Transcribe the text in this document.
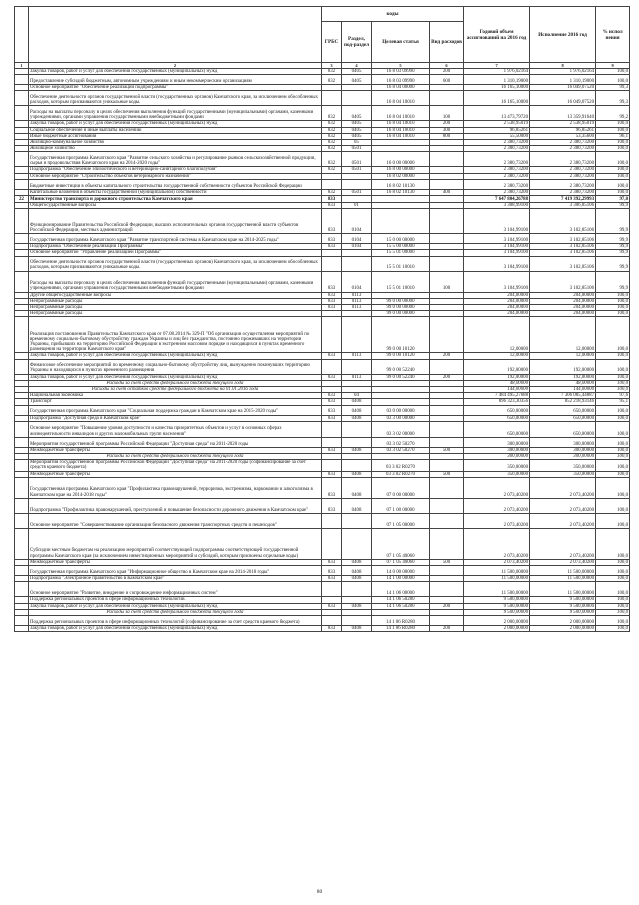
		коды				Годовой объем ассигнований на 2016 год	Исполнение 2016 год	% испол нения
		ГРБС	Раздел, под-раздел	Целевая статья	Вид расходов			
1	2	3	4	5	6	7	8	9
	Закупка товаров, работ и услуг для обеспечения государственных (муниципальных) нужд	832	0405	16 8 03 09990	200	1 976,02164	1 976,02164	100,0
	Предоставление субсидий бюджетным, автономным учреждениям и иным некоммерческим организациям	832	0405	16 8 03 09990	600	1 310,19000	1 310,19000	100,0
	Основное мероприятие "Обеспечение реализации подпрограммы"			16 8 04 00000		16 165,10000	16 049,07520	99,3
	Обеспечение деятельности органов государственной власти (государственных органов) Камчатского края, за исключением обособленных расходов, которым присваиваются уникальные коды.			16 8 04 10010		16 165,10000	16 049,07520	99,3
	Расходы на выплаты персоналу в целях обеспечения выполнения функций государственными (муниципальными) органами, казенными учреждениями, органами управления государственными внебюджетными фондами	832	0405	16 8 04 10010	100	13 473,79720	13 359,91640	99,2
	Закупка товаров, работ и услуг для обеспечения государственных (муниципальных) нужд	832	0405	16 8 04 10010	200	2 538,95019	2 538,95019	100,0
	Социальное обеспечение и иные выплаты населению	832	0405	16 8 04 10010	300	96,85261	96,85261	100,0
	Иные бюджетные ассигнования	832	0405	16 8 04 10010	800	55,50000	53,35600	96,1
	Жилищно-коммунальное хозяйство	832	05			2 380,73200	2 380,73200	100,0
	Жилищное хозяйство	832	0501			2 380,73200	2 380,73200	100,0
	Государственная программа Камчатского края "Развитие сельского хозяйства и регулирование рынков сельскохозяйственной продукции, сырья и продовольствия Камчатского края на 2014-2020 годы"	832	0501	16 0 00 00000		2 380,73200	2 380,73200	100,0
	Подпрограмма "Обеспечение эпизоотического и ветеринарно-санитарного благополучия"	832	0501	16 8 00 00000		2 380,73200	2 380,73200	100,0
	Основное мероприятие "Строительство объектов ветеринарного назначения"			16 8 02 00000		2 380,73200	2 380,73200	100,0
	Бюджетные инвестиции в объекты капитального строительства государственной собственности субъектов Российской Федерации			16 8 02 10130		2 380,73200	2 380,73200	100,0
	Капитальные вложения в объекты государственной (муниципальной) собственности	832	0501	16 8 02 10130	400	2 380,73200	2 380,73200	100,0
22	Министерство транспорта и дорожного строительства Камчатского края	833				7 647 804,26788	7 419 392,29993	97,0
	Общегосударственные вопросы	833	01			3 308,99100	3 306,85106	99,9
	Функционирование Правительства Российской Федерации, высших исполнительных органов государственной власти субъектов Российской Федерации, местных администраций	833	0104			3 104,99100	3 102,85106	99,9
	Государственная программа Камчатского края "Развитие транспортной системы в Камчатском крае на 2014-2025 годы"	833	0104	15 0 00 00000		3 104,99100	3 102,85106	99,9
	Подпрограмма "Обеспечение реализации Программы"	833	0104	15 5 00 00000		3 104,99100	3 102,85106	99,9
	Основное мероприятие "Управление реализацией Программы"			15 5 01 00000		3 104,99100	3 102,85106	99,9
	Обеспечение деятельности органов государственной власти (государственных органов) Камчатского края, за исключением обособленных расходов, которым присваиваются уникальные коды.			15 5 01 10010		3 104,99100	3 102,85106	99,9
	Расходы на выплаты персоналу в целях обеспечения выполнения функций государственными (муниципальными) органами, казенными учреждениями, органами управления государственными внебюджетными фондами	833	0104	15 5 01 10010	100	3 104,99100	3 102,85106	99,9
	Другие общегосударственные вопросы	833	0113			204,00000	204,00000	100,0
	Непрограммные расходы	833	0113	99 0 00 00000		204,00000	204,00000	100,0
	Непрограммные расходы	833	0113	99 0 00 00000		204,00000	204,00000	100,0
	Непрограммные расходы			99 0 00 00000		204,00000	204,00000	100,0
	Реализация постановления Правительства Камчатского края от 07.08.2014 № 329-П "Об организации осуществления мероприятий по временному социально-бытовому обустройству граждан Украины и лиц без гражданства, постоянно проживавших на территории Украины, прибывших на территорию Российской Федерации в экстренном массовом порядке и находящихся в пунктах временного размещения на территории Камчатского края"			99 0 00 10120		12,00000	12,00000	100,0
	Закупка товаров, работ и услуг для обеспечения государственных (муниципальных) нужд	833	0113	99 0 00 10120	200	12,00000	12,00000	100,0
	Финансовое обеспечение мероприятий по временному социально-бытовому обустройству лиц, вынужденно покинувших территорию Украины и находящихся в пунктах временного размещения			99 0 00 52240		192,00000	192,00000	100,0
	Закупка товаров, работ и услуг для обеспечения государственных (муниципальных) нужд	833	0113	99 0 00 52240	200	192,00000	192,00000	100,0
	Расходы за счет средств федерального бюджета текущего года					48,00000	48,00000	100,0
	Расходы за счет остатков средств федерального бюджета на 01.01.2016 года					144,00000	144,00000	100,0
	Национальная экономика	833	04			7 484 495,27688	7 306 085,44887	97,6
	Транспорт	833	0408			896 323,30356	852 218,93146	95,1
	Государственная программа Камчатского края "Социальная поддержка граждан в Камчатском крае на 2015-2020 годы"	833	0408	03 0 00 00000		650,00000	650,00000	100,0
	Подпрограмма "Доступная среда в Камчатском крае"	833	0408	03 3 00 00000		650,00000	650,00000	100,0
	Основное мероприятие "Повышение уровня доступности и качества приоритетных объектов и услуг в основных сферах жизнедеятельности инвалидов и других маломобильных групп населения"			03 3 02 00000		650,00000	650,00000	100,0
	Мероприятия государственной программы Российской Федерации "Доступная среда" на 2011-2020 годы			03 3 02 50270		300,00000	300,00000	100,0
	Межбюджетные трансферты	833	0408	03 3 02 50270	500	300,00000	300,00000	100,0
	Расходы за счет средств федерального бюджета текущего года					300,00000	300,00000	100,0
	Мероприятия государственной программы Российской Федерации "Доступная среда" на 2011-2020 годы (софинансирование за счет средств краевого бюджета)			03 3 02 R0270		350,00000	350,00000	100,0
	Межбюджетные трансферты	833	0408	03 3 02 R0270	500	350,00000	350,00000	100,0
	Государственная программа Камчатского края "Профилактика правонарушений, терроризма, экстремизма, наркомании и алкоголизма в Камчатском крае на 2014-2018 годы"	833	0408	07 0 00 00000		2 073,40200	2 073,40200	100,0
	Подпрограмма "Профилактика правонарушений, преступлений и повышение безопасности дорожного движения в Камчатском крае"	833	0408	07 1 00 00000		2 073,40200	2 073,40200	100,0
	Основное мероприятие "Совершенствование организации безопасного движения транспортных средств и пешеходов"			07 1 05 00000		2 073,40200	2 073,40200	100,0
	Субсидии местным бюджетам на реализацию мероприятий соответствующей подпрограммы соответствующей государственной программы Камчатского края (за исключением инвестиционных мероприятий и субсидий, которым присвоены отдельные коды)			07 1 05 40060		2 073,40200	2 073,40200	100,0
	Межбюджетные трансферты	833	0408	07 1 05 40060	500	2 073,40200	2 073,40200	100,0
	Государственная программа Камчатского края "Информационное общество в Камчатском крае на 2014-2018 годы"	833	0408	14 0 00 00000		11 500,00000	11 500,00000	100,0
	Подпрограмма "Электронное правительство в Камчатском крае"	833	0408	14 1 00 00000		11 500,00000	11 500,00000	100,0
	Основное мероприятие "Развитие, внедрение и сопровождение информационных систем"			14 1 06 00000		11 500,00000	11 500,00000	100,0
	Поддержка региональных проектов в сфере информационных технологий.			14 1 06 50280		9 500,00000	9 500,00000	100,0
	Закупка товаров, работ и услуг для обеспечения государственных (муниципальных) нужд	833	0408	14 1 06 50280	200	9 500,00000	9 500,00000	100,0
	Расходы за счет средств федерального бюджета текущего года					9 500,00000	9 500,00000	100,0
	Поддержка региональных проектов в сфере информационных технологий (софинансирование за счет средств краевого бюджета)			14 1 06 R0280		2 000,00000	2 000,00000	100,0
	Закупка товаров, работ и услуг для обеспечения государственных (муниципальных) нужд	833	0408	14 1 06 R0280	200	2 000,00000	2 000,00000	100,0
80
